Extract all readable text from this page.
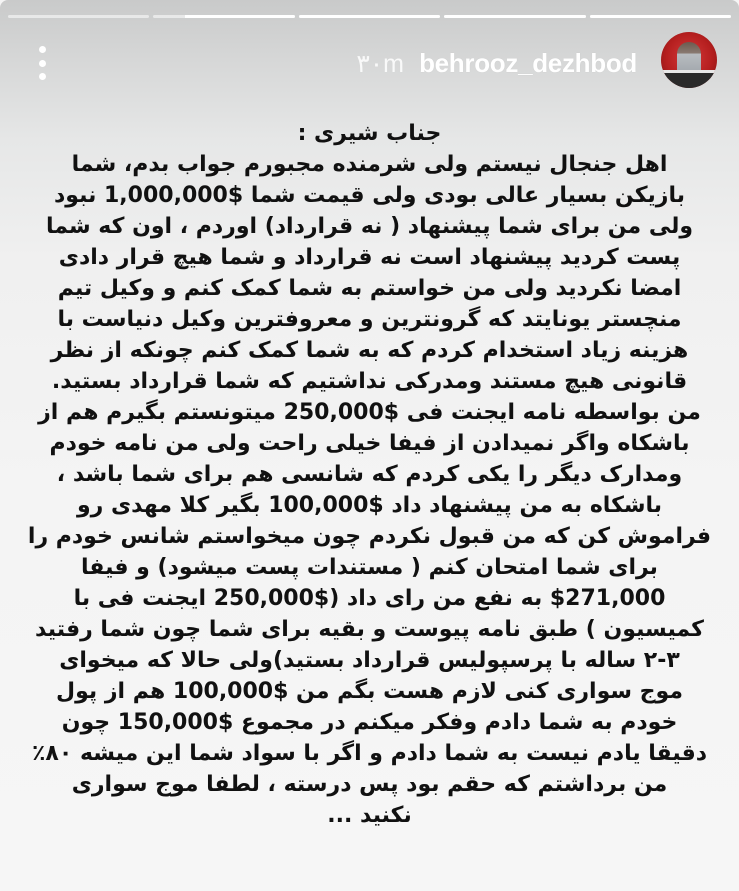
۳۰m behrooz_dezhbod
جناب شیری :
اهل جنجال نیستم ولی شرمنده مجبورم جواب بدم، شما
بازیکن بسیار عالی بودی ولی قیمت شما $1,000,000 نبود
ولی من برای شما پیشنهاد ( نه قرارداد) اوردم ، اون که شما
پست کردید پیشنهاد است نه قرارداد و شما هیچ قرار دادی
امضا نکردید ولی من خواستم به شما کمک کنم و وکیل تیم
منچستر یونایتد که گرونترین و معروفترین وکیل دنیاست با
هزینه زیاد استخدام کردم که به شما کمک کنم چونکه از نظر
قانونی هیچ مستند ومدرکی نداشتیم که شما قرارداد بستید.
من بواسطه نامه ایجنت فی $250,000 میتونستم بگیرم هم از
باشکاه واگر نمیدادن از فیفا خیلی راحت ولی من نامه خودم
ومدارک دیگر را یکی کردم که شانسی هم برای شما باشد ،
باشکاه به من پیشنهاد داد $100,000 بگیر کلا مهدی رو
فراموش کن که من قبول نکردم چون میخواستم شانس خودم را
برای شما امتحان کنم ( مستندات پست میشود) و فیفا
$271,000 به نفع من رای داد ($250,000 ایجنت فی با
کمیسیون ) طبق نامه پیوست و بقیه برای شما چون شما رفتید
۲-۳ ساله با پرسپولیس قرارداد بستید)ولی حالا که میخوای
موج سواری کنی لازم هست بگم من $100,000 هم از پول
خودم به شما دادم وفکر میکنم در مجموع $150,000 چون
دقیقا یادم نیست به شما دادم و اگر با سواد شما این میشه ۸۰٪
من برداشتم که حقم بود پس درسته ، لطفا موج سواری
نکنید ...
